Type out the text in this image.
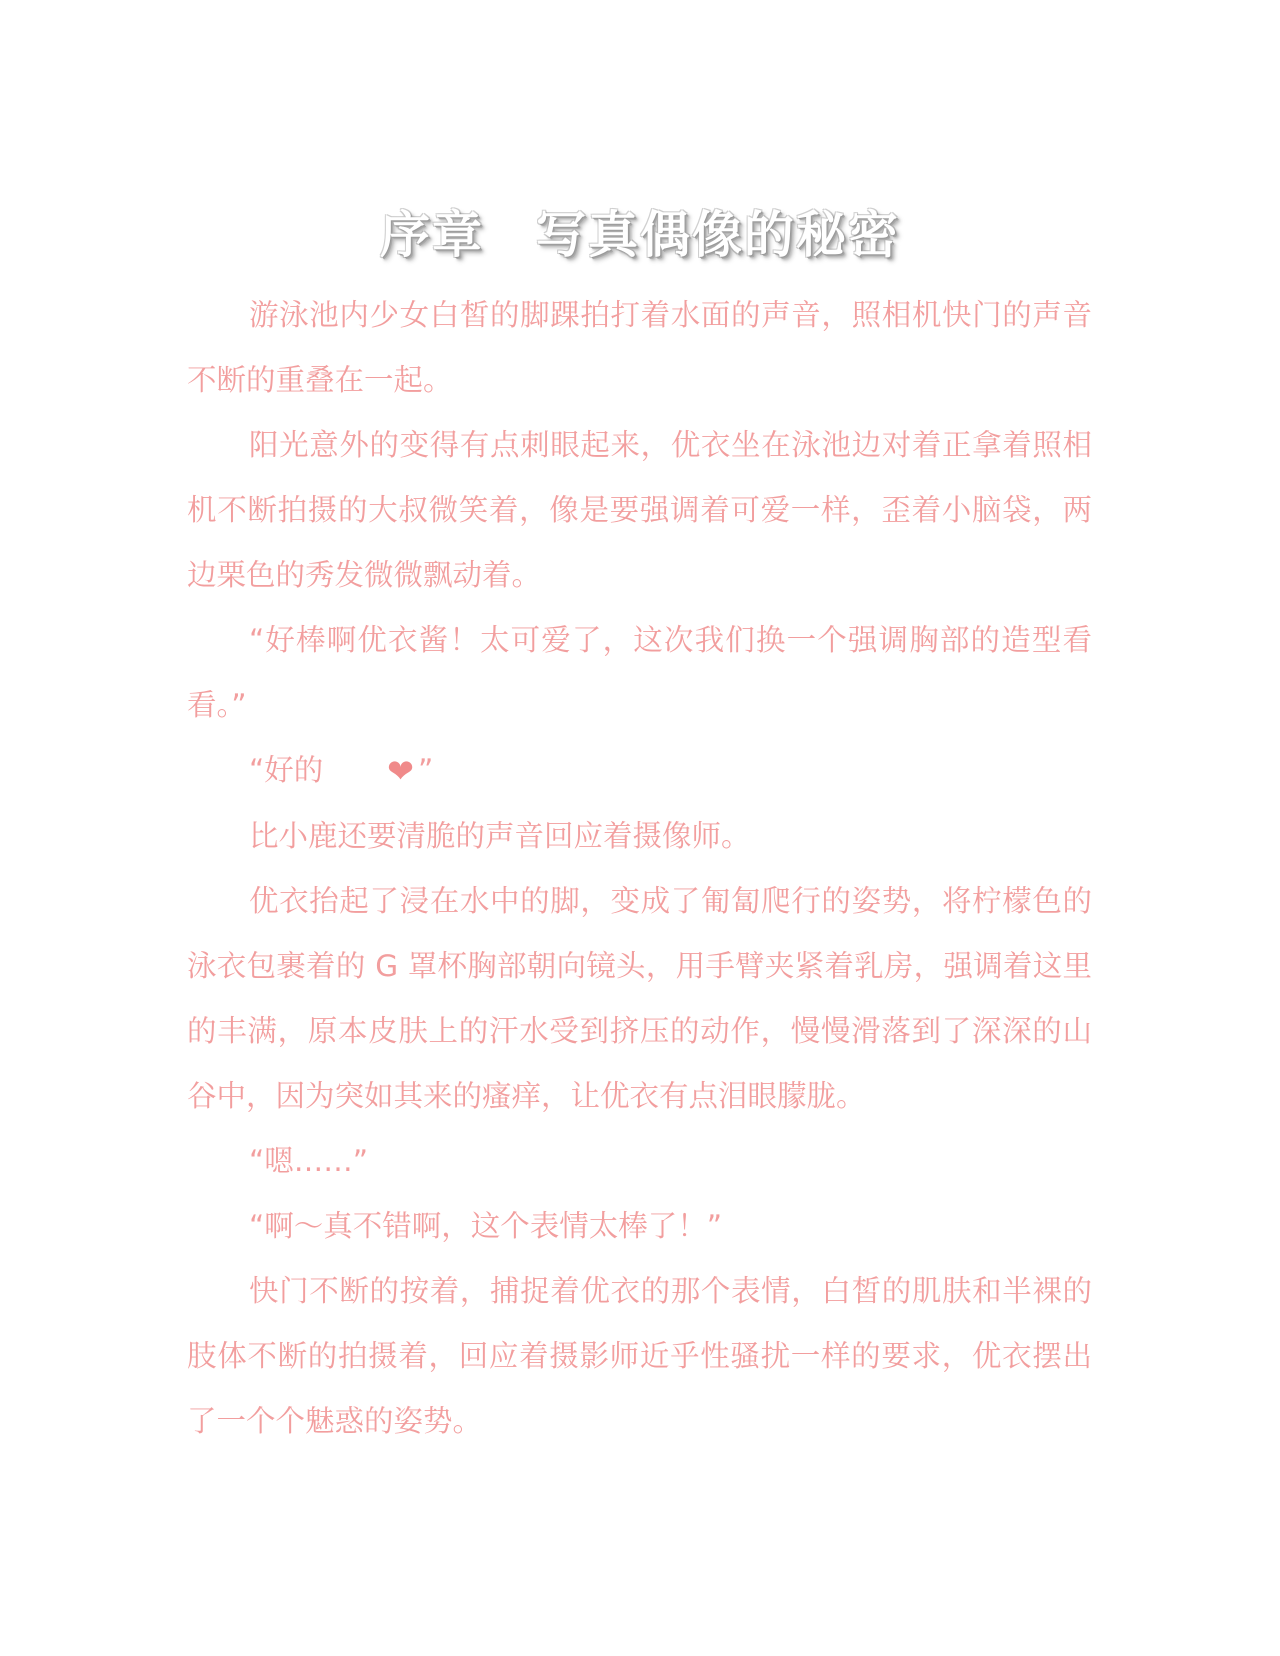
序章　写真偶像的秘密

游泳池内少女白皙的脚踝拍打着水面的声音，照相机快门的声音不断的重叠在一起。

阳光意外的变得有点刺眼起来，优衣坐在泳池边对着正拿着照相机不断拍摄的大叔微笑着，像是要强调着可爱一样，歪着小脑袋，两边栗色的秀发微微飘动着。

“好棒啊优衣酱！太可爱了，这次我们换一个强调胸部的造型看看。”

“好的 ❤ ”

比小鹿还要清脆的声音回应着摄像师。

优衣抬起了浸在水中的脚，变成了匍匐爬行的姿势，将柠檬色的泳衣包裹着的 G 罩杯胸部朝向镜头，用手臂夹紧着乳房，强调着这里的丰满，原本皮肤上的汗水受到挤压的动作，慢慢滑落到了深深的山谷中，因为突如其来的瘙痒，让优衣有点泪眼朦胧。

“嗯……”

“啊～真不错啊，这个表情太棒了！”

快门不断的按着，捕捉着优衣的那个表情，白皙的肌肤和半裸的肢体不断的拍摄着，回应着摄影师近乎性骚扰一样的要求，优衣摆出了一个个魅惑的姿势。
